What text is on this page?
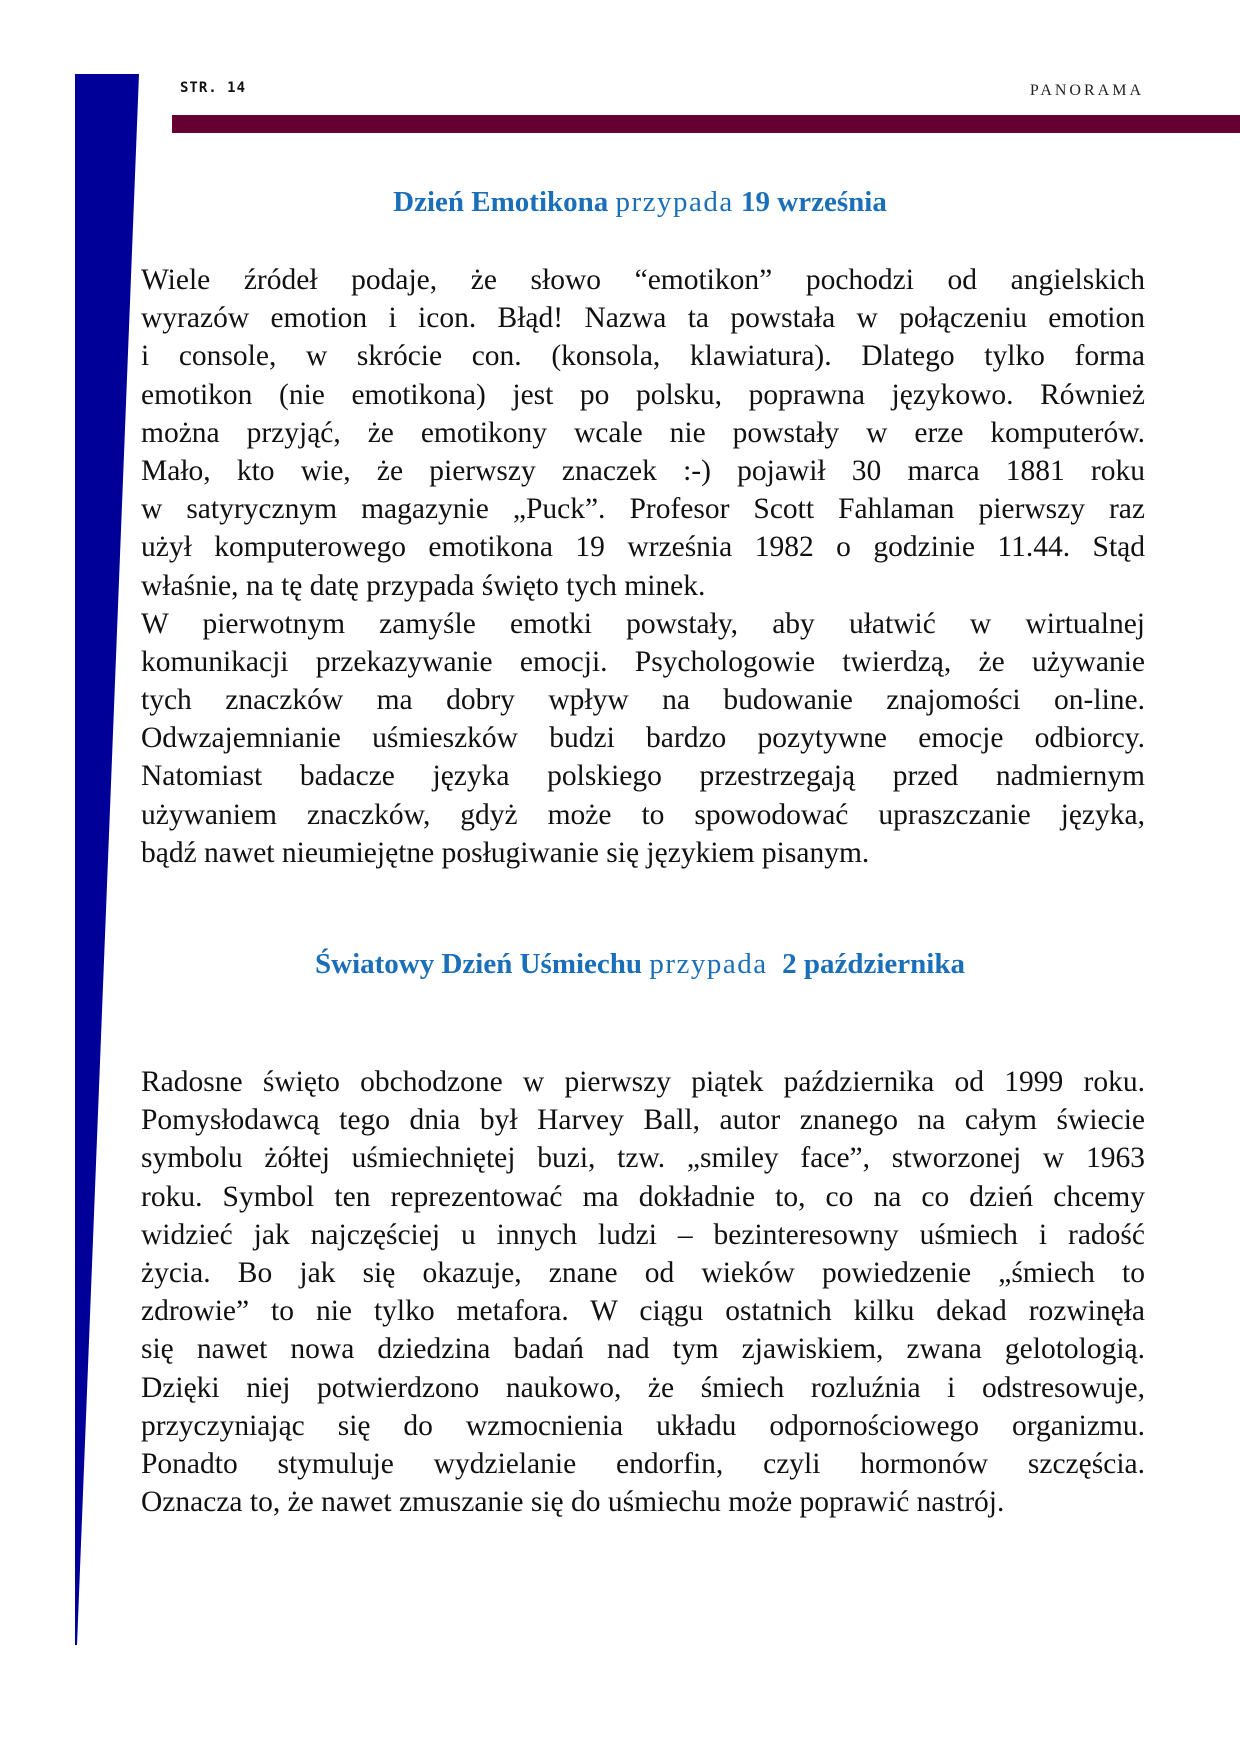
STR. 14	PANORAMA
Dzień Emotikona przypada 19 września
Wiele źródeł podaje, że słowo “emotikon” pochodzi od angielskich
wyrazów emotion i icon. Błąd! Nazwa ta powstała w połączeniu emotion
i console, w skrócie con. (konsola, klawiatura). Dlatego tylko forma
emotikon (nie emotikona) jest po polsku, poprawna językowo. Również
można przyjąć, że emotikony wcale nie powstały w erze komputerów.
Mało, kto wie, że pierwszy znaczek :-) pojawił 30 marca 1881 roku
w satyrycznym magazynie „Puck”. Profesor Scott Fahlaman pierwszy raz
użył komputerowego emotikona 19 września 1982 o godzinie 11.44. Stąd
właśnie, na tę datę przypada święto tych minek.
W pierwotnym zamyśle emotki powstały, aby ułatwić w wirtualnej
komunikacji przekazywanie emocji. Psychologowie twierdzą, że używanie
tych znaczków ma dobry wpływ na budowanie znajomości on-line.
Odwzajemnianie uśmieszków budzi bardzo pozytywne emocje odbiorcy.
Natomiast badacze języka polskiego przestrzegają przed nadmiernym
używaniem znaczków, gdyż może to spowodować upraszczanie języka,
bądź nawet nieumiejętne posługiwanie się językiem pisanym.
Światowy Dzień Uśmiechu przypada 2 października
Radosne święto obchodzone w pierwszy piątek października od 1999 roku.
Pomysłodawcą tego dnia był Harvey Ball, autor znanego na całym świecie
symbolu żółtej uśmiechniętej buzi, tzw. „smiley face”, stworzonej w 1963
roku. Symbol ten reprezentować ma dokładnie to, co na co dzień chcemy
widzieć jak najczęściej u innych ludzi – bezinteresowny uśmiech i radość
życia. Bo jak się okazuje, znane od wieków powiedzenie „śmiech to
zdrowie” to nie tylko metafora. W ciągu ostatnich kilku dekad rozwinęła
się nawet nowa dziedzina badań nad tym zjawiskiem, zwana gelotologią.
Dzięki niej potwierdzono naukowo, że śmiech rozluźnia i odstresowuje,
przyczyniając się do wzmocnienia układu odpornościowego organizmu.
Ponadto stymuluje wydzielanie endorfin, czyli hormonów szczęścia.
Oznacza to, że nawet zmuszanie się do uśmiechu może poprawić nastrój.
